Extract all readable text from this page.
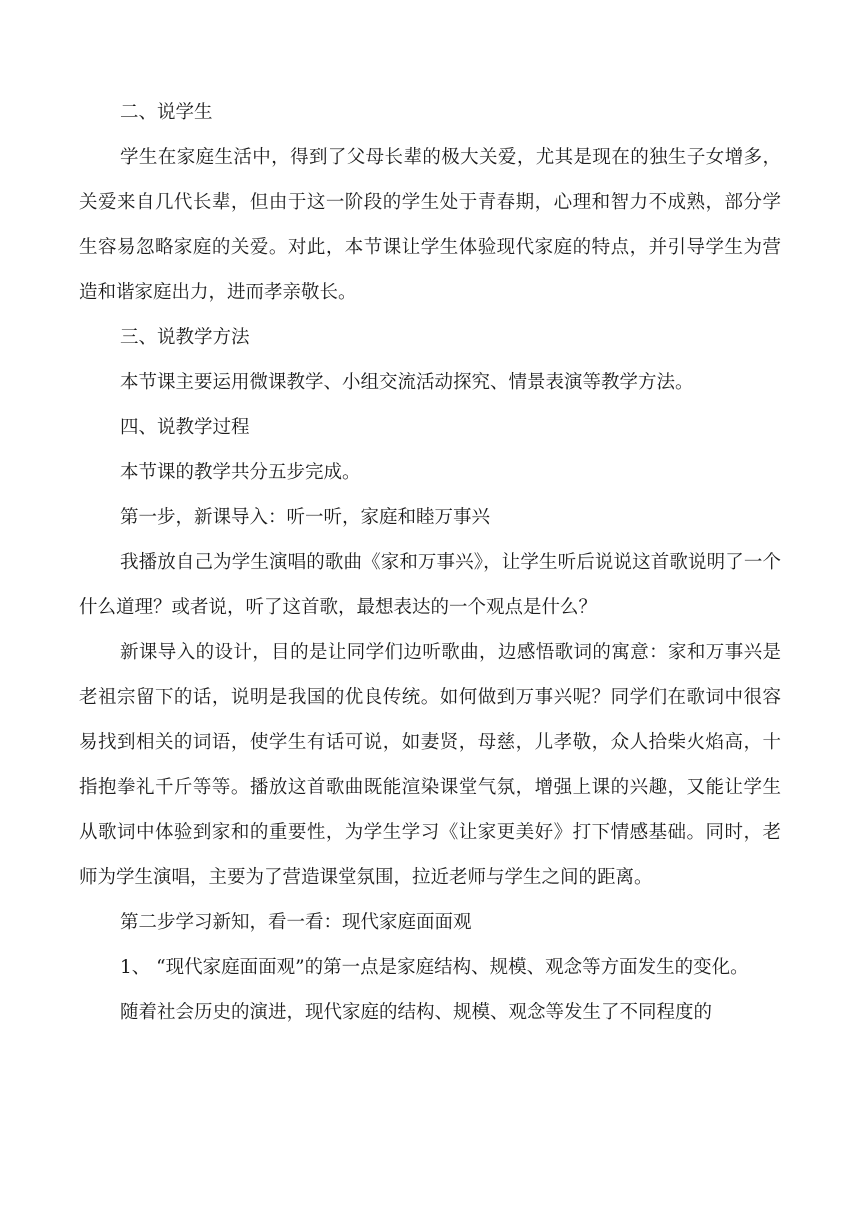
二、说学生

学生在家庭生活中，得到了父母长辈的极大关爱，尤其是现在的独生子女增多，关爱来自几代长辈，但由于这一阶段的学生处于青春期，心理和智力不成熟，部分学生容易忽略家庭的关爱。对此，本节课让学生体验现代家庭的特点，并引导学生为营造和谐家庭出力，进而孝亲敬长。

三、说教学方法

本节课主要运用微课教学、小组交流活动探究、情景表演等教学方法。

四、说教学过程

本节课的教学共分五步完成。

第一步，新课导入：听一听，家庭和睦万事兴

我播放自己为学生演唱的歌曲《家和万事兴》，让学生听后说说这首歌说明了一个什么道理？或者说，听了这首歌，最想表达的一个观点是什么？

新课导入的设计，目的是让同学们边听歌曲，边感悟歌词的寓意：家和万事兴是老祖宗留下的话，说明是我国的优良传统。如何做到万事兴呢？同学们在歌词中很容易找到相关的词语，使学生有话可说，如妻贤，母慈，儿孝敬，众人拾柴火焰高，十指抱拳礼千斤等等。播放这首歌曲既能渲染课堂气氛，增强上课的兴趣，又能让学生从歌词中体验到家和的重要性，为学生学习《让家更美好》打下情感基础。同时，老师为学生演唱，主要为了营造课堂氛围，拉近老师与学生之间的距离。

第二步学习新知，看一看：现代家庭面面观

1、 “现代家庭面面观”的第一点是家庭结构、规模、观念等方面发生的变化。

随着社会历史的演进，现代家庭的结构、规模、观念等发生了不同程度的
